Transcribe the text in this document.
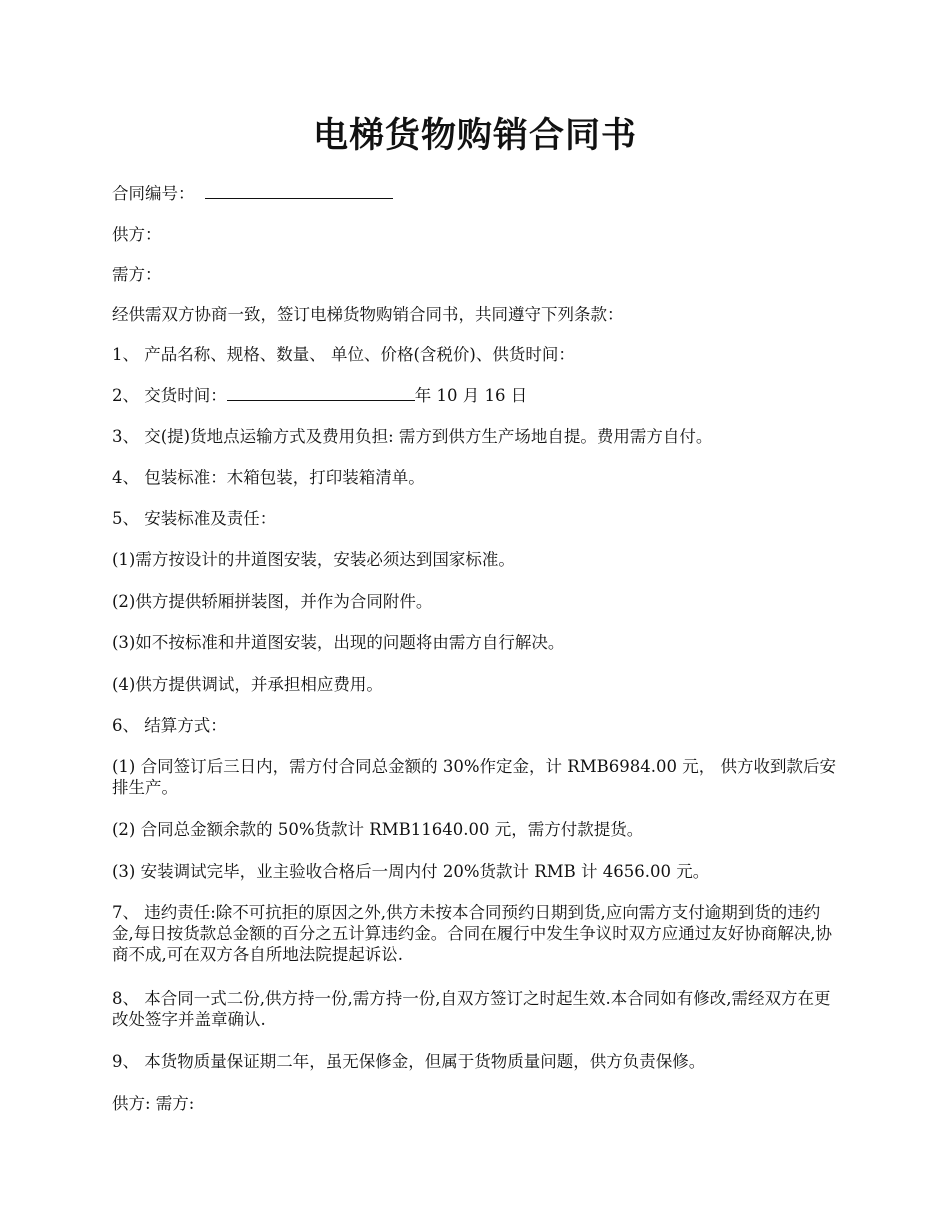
电梯货物购销合同书
合同编号：
供方：
需方：
经供需双方协商一致，签订电梯货物购销合同书，共同遵守下列条款：
1、 产品名称、规格、数量、 单位、价格(含税价)、供货时间：
2、 交货时间：	年 10 月 16 日
3、 交(提)货地点运输方式及费用负担: 需方到供方生产场地自提。费用需方自付。
4、 包装标准：木箱包装，打印装箱清单。
5、 安装标准及责任：
(1)需方按设计的井道图安装，安装必须达到国家标准。
(2)供方提供轿厢拼装图，并作为合同附件。
(3)如不按标准和井道图安装，出现的问题将由需方自行解决。
(4)供方提供调试，并承担相应费用。
6、 结算方式：
(1) 合同签订后三日内，需方付合同总金额的 30%作定金，计 RMB6984.00 元， 供方收到款后安排生产。
(2) 合同总金额余款的 50%货款计 RMB11640.00 元，需方付款提货。
(3) 安装调试完毕，业主验收合格后一周内付 20%货款计 RMB 计 4656.00 元。
7、 违约责任:除不可抗拒的原因之外,供方未按本合同预约日期到货,应向需方支付逾期到货的违约金,每日按货款总金额的百分之五计算违约金。合同在履行中发生争议时双方应通过友好协商解决,协商不成,可在双方各自所地法院提起诉讼.
8、 本合同一式二份,供方持一份,需方持一份,自双方签订之时起生效.本合同如有修改,需经双方在更改处签字并盖章确认.
9、 本货物质量保证期二年，虽无保修金，但属于货物质量问题，供方负责保修。
供方: 需方:
